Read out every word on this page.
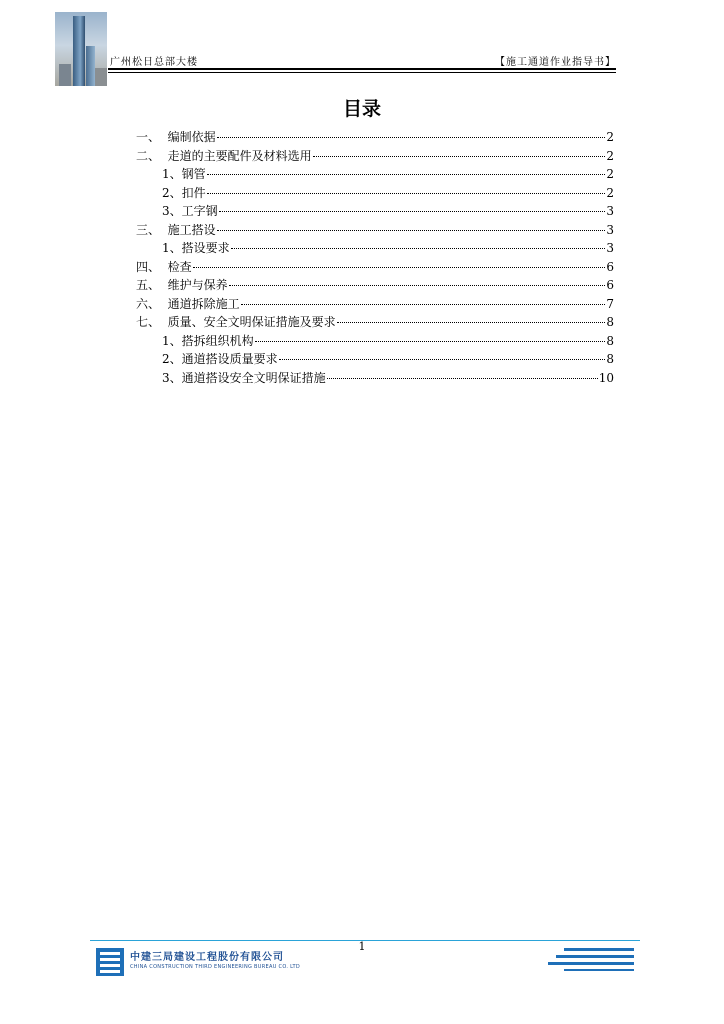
广州松日总部大楼	【施工通道作业指导书】
目录
一、 编制依据	2
二、 走道的主要配件及材料选用	2
1、 钢管	2
2、 扣件	2
3、 工字钢	3
三、 施工搭设	3
1、 搭设要求	3
四、 检查	6
五、 维护与保养	6
六、 通道拆除施工	7
七、 质量、安全文明保证措施及要求	8
1、 搭拆组织机构	8
2、 通道搭设质量要求	8
3、 通道搭设安全文明保证措施	10
1
中建三局建设工程股份有限公司
CHINA CONSTRUCTION THIRD ENGINEERING BUREAU CO. LTD
